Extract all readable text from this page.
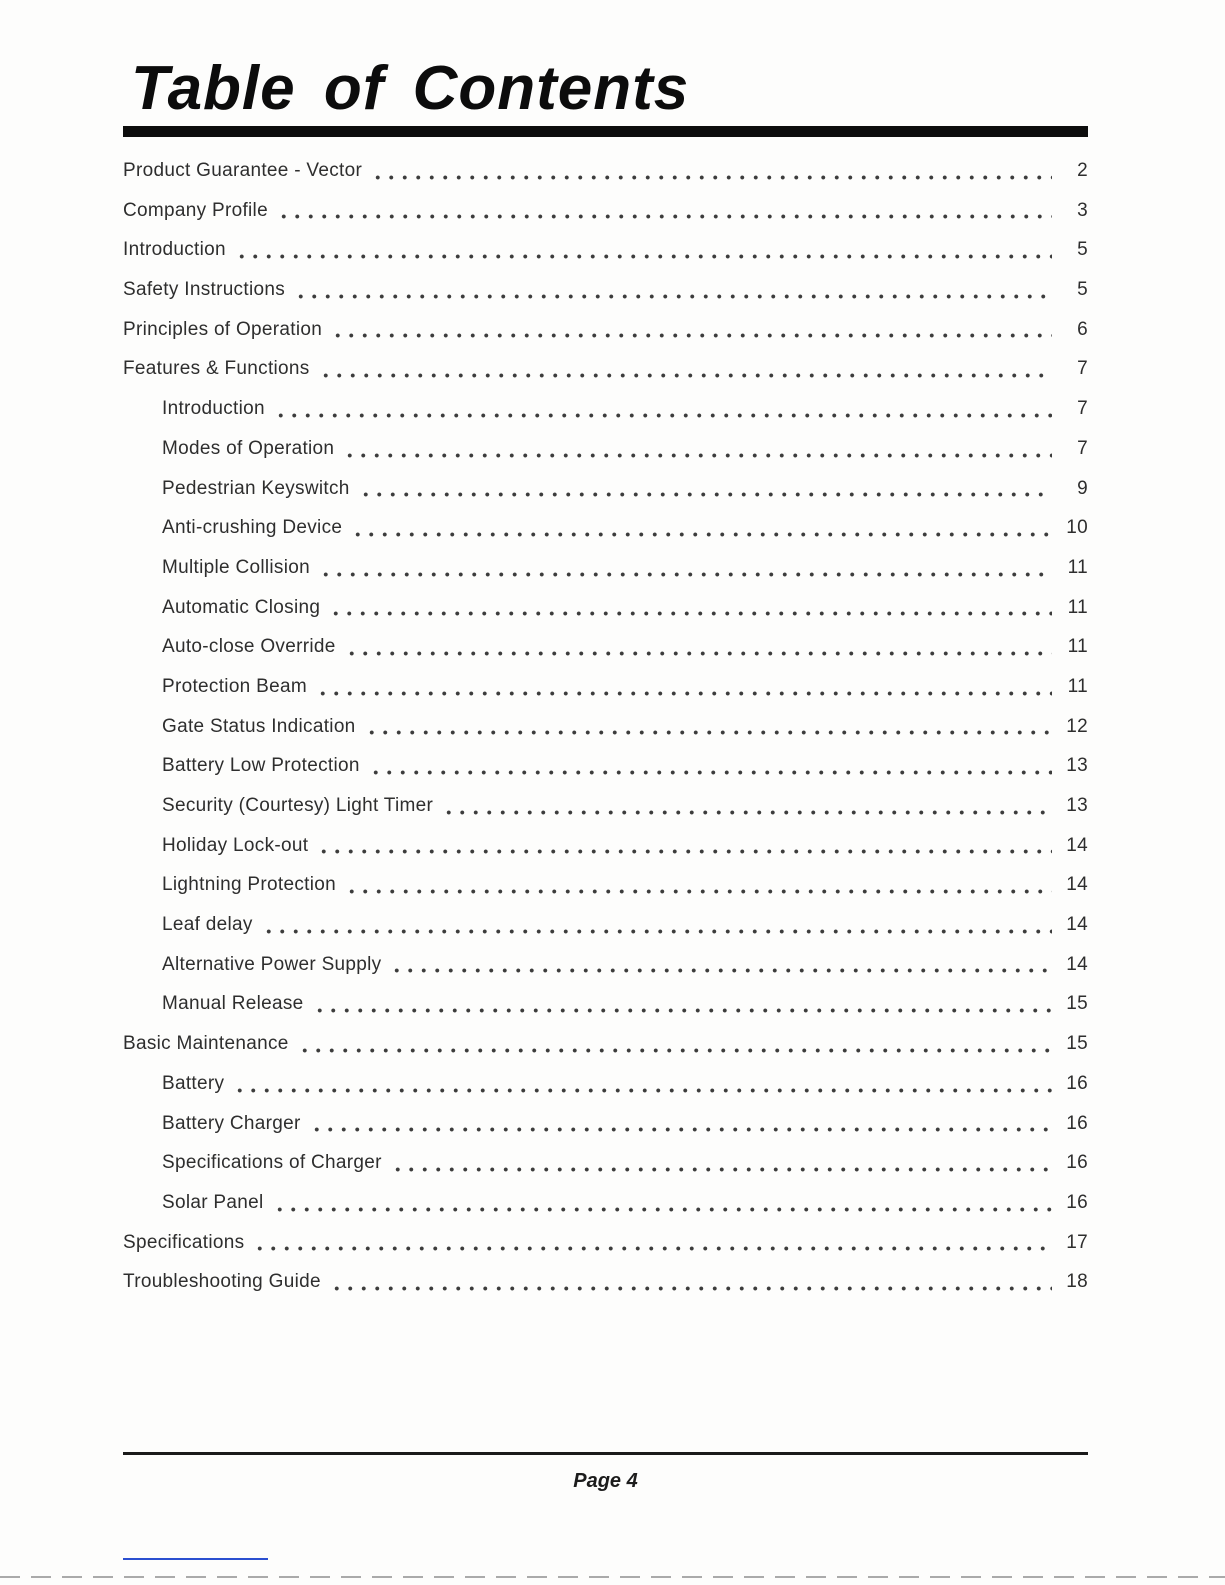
Table of Contents
Product Guarantee - Vector	2
Company Profile	3
Introduction	5
Safety Instructions	5
Principles of Operation	6
Features & Functions	7
Introduction	7
Modes of Operation	7
Pedestrian Keyswitch	9
Anti-crushing Device	10
Multiple Collision	11
Automatic Closing	11
Auto-close Override	11
Protection Beam	11
Gate Status Indication	12
Battery Low Protection	13
Security (Courtesy) Light Timer	13
Holiday Lock-out	14
Lightning Protection	14
Leaf delay	14
Alternative Power Supply	14
Manual Release	15
Basic Maintenance	15
Battery	16
Battery Charger	16
Specifications of Charger	16
Solar Panel	16
Specifications	17
Troubleshooting Guide	18
Page 4
